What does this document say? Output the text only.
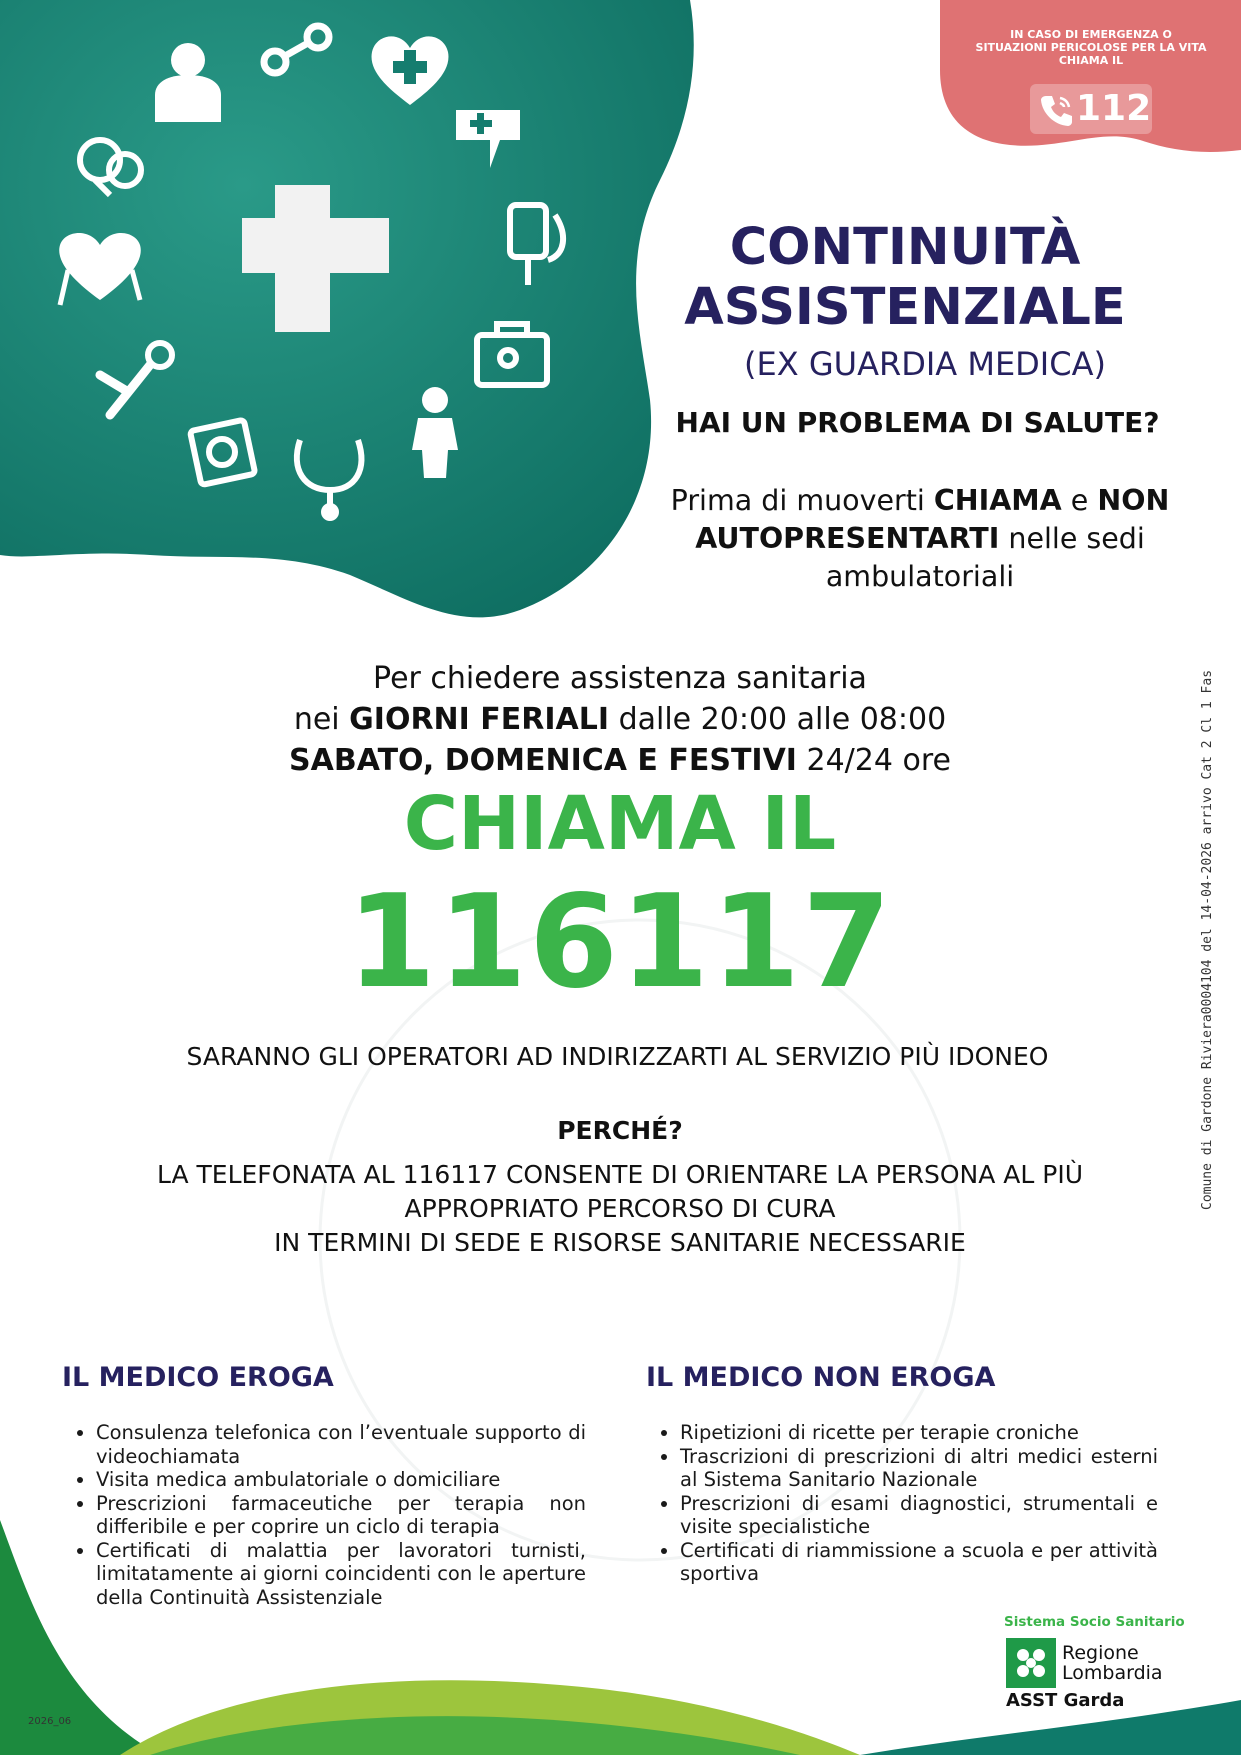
IN CASO DI EMERGENZA O
SITUAZIONI PERICOLOSE PER LA VITA
CHIAMA IL
112
CONTINUITÀ
ASSISTENZIALE
(EX GUARDIA MEDICA)
HAI UN PROBLEMA DI SALUTE?
Prima di muoverti CHIAMA e NON
AUTOPRESENTARTI nelle sedi
ambulatoriali
Per chiedere assistenza sanitaria
nei GIORNI FERIALI dalle 20:00 alle 08:00
SABATO, DOMENICA E FESTIVI 24/24 ore
CHIAMA IL
116117
SARANNO GLI OPERATORI AD INDIRIZZARTI AL SERVIZIO PIÙ IDONEO
PERCHÉ?
LA TELEFONATA AL 116117 CONSENTE DI ORIENTARE LA PERSONA AL PIÙ
APPROPRIATO PERCORSO DI CURA
IN TERMINI DI SEDE E RISORSE SANITARIE NECESSARIE
IL MEDICO EROGA
• Consulenza telefonica con l’eventuale supporto di videochiamata
• Visita medica ambulatoriale o domiciliare
• Prescrizioni farmaceutiche per terapia non differibile e per coprire un ciclo di terapia
• Certificati di malattia per lavoratori turnisti, limitatamente ai giorni coincidenti con le aperture della Continuità Assistenziale
IL MEDICO NON EROGA
• Ripetizioni di ricette per terapie croniche
• Trascrizioni di prescrizioni di altri medici esterni al Sistema Sanitario Nazionale
• Prescrizioni di esami diagnostici, strumentali e visite specialistiche
• Certificati di riammissione a scuola e per attività sportiva
Sistema Socio Sanitario
Regione
Lombardia
ASST Garda
2026_06
Comune di Gardone Riviera0004104 del 14-04-2026 arrivo Cat 2 Cl 1 Fas
